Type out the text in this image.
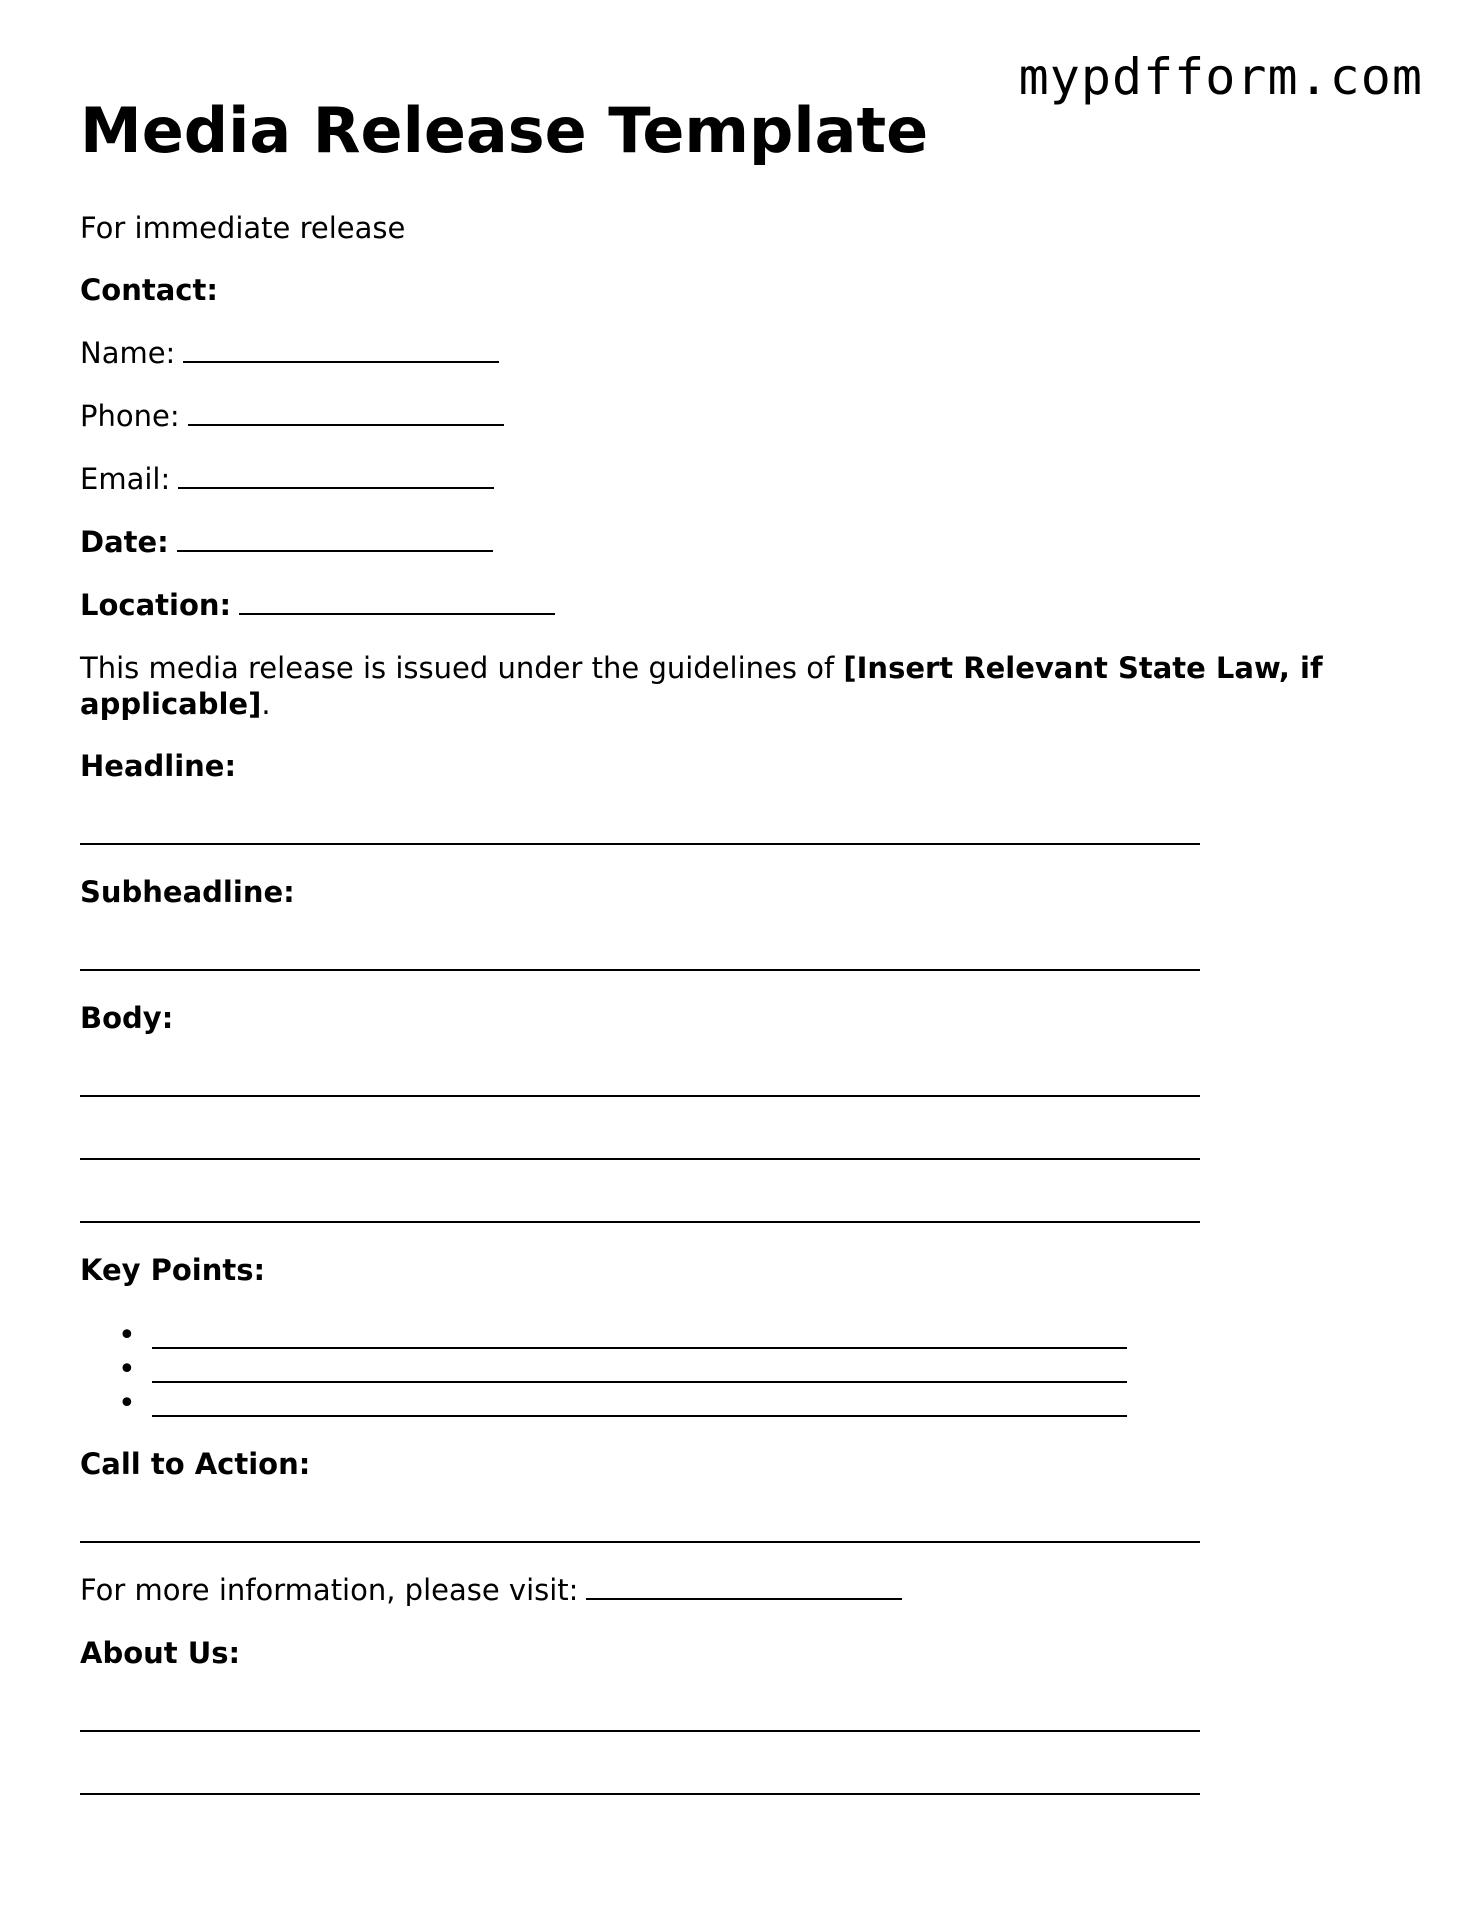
mypdfform.com
Media Release Template
For immediate release
Contact:
Name:
Phone:
Email:
Date:
Location:
This media release is issued under the guidelines of [Insert Relevant State Law, if applicable].
Headline:
Subheadline:
Body:
Key Points:
•
•
•
Call to Action:
For more information, please visit:
About Us:
